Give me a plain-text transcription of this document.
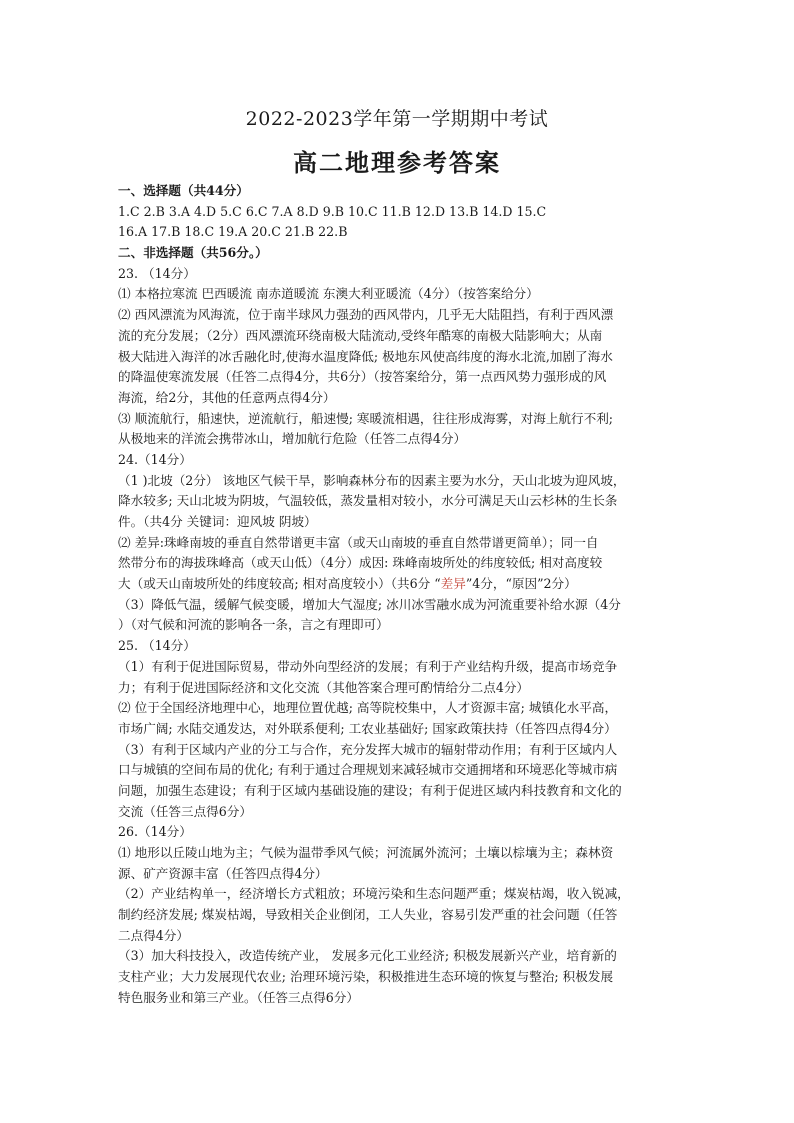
2022-2023学年第一学期期中考试
高二地理参考答案
一、选择题（共44分）
1.C 2.B 3.A 4.D 5.C 6.C 7.A 8.D 9.B 10.C 11.B 12.D 13.B 14.D 15.C
16.A 17.B 18.C 19.A 20.C 21.B 22.B
二、非选择题（共56分。）
23. （14分）
⑴ 本格拉寒流 巴西暖流 南赤道暖流 东澳大利亚暖流（4分）（按答案给分）
⑵ 西风漂流为风海流，位于南半球风力强劲的西风带内，几乎无大陆阻挡，有利于西风漂
流的充分发展；（2分）西风漂流环绕南极大陆流动,受终年酷寒的南极大陆影响大；从南
极大陆进入海洋的冰舌融化时,使海水温度降低; 极地东风使高纬度的海水北流,加剧了海水
的降温使寒流发展（任答二点得4分，共6分）（按答案给分，第一点西风势力强形成的风
海流，给2分，其他的任意两点得4分）
⑶ 顺流航行，船速快，逆流航行，船速慢; 寒暖流相遇，往往形成海雾，对海上航行不利;
从极地来的洋流会携带冰山，增加航行危险（任答二点得4分）
24.（14分）
（1 )北坡（2分） 该地区气候干旱，影响森林分布的因素主要为水分，天山北坡为迎风坡，
降水较多; 天山北坡为阴坡，气温较低，蒸发量相对较小，水分可满足天山云杉林的生长条
件。（共4分 关键词：迎风坡 阴坡）
⑵ 差异:珠峰南坡的垂直自然带谱更丰富（或天山南坡的垂直自然带谱更简单）；同一自
然带分布的海拔珠峰高（或天山低）（4分）成因: 珠峰南坡所处的纬度较低; 相对高度较
大（或天山南坡所处的纬度较高; 相对高度较小）（共6分 “差异”4分，“原因”2分）
（3）降低气温，缓解气候变暖，增加大气湿度; 冰川冰雪融水成为河流重要补给水源（4分
）（对气候和河流的影响各一条，言之有理即可）
25. （14分）
（1）有利于促进国际贸易，带动外向型经济的发展；有利于产业结构升级，提高市场竞争
力；有利于促进国际经济和文化交流（其他答案合理可酌情给分二点4分）
⑵ 位于全国经济地理中心，地理位置优越; 高等院校集中，人才资源丰富; 城镇化水平高，
市场广阔; 水陆交通发达，对外联系便利; 工农业基础好; 国家政策扶持（任答四点得4分）
（3）有利于区域内产业的分工与合作，充分发挥大城市的辐射带动作用；有利于区域内人
口与城镇的空间布局的优化; 有利于通过合理规划来减轻城市交通拥堵和环境恶化等城市病
问题，加强生态建设；有利于区域内基础设施的建设；有利于促进区域内科技教育和文化的
交流（任答三点得6分）
26.（14分）
⑴ 地形以丘陵山地为主；气候为温带季风气候；河流属外流河；土壤以棕壤为主；森林资
源、矿产资源丰富（任答四点得4分）
（2）产业结构单一，经济增长方式粗放；环境污染和生态问题严重；煤炭枯竭，收入锐减，
制约经济发展; 煤炭枯竭，导致相关企业倒闭，工人失业，容易引发严重的社会问题（任答
二点得4分）
（3）加大科技投入，改造传统产业， 发展多元化工业经济; 积极发展新兴产业，培育新的
支柱产业；大力发展现代农业; 治理环境污染，积极推进生态环境的恢复与整治; 积极发展
特色服务业和第三产业。（任答三点得6分）
